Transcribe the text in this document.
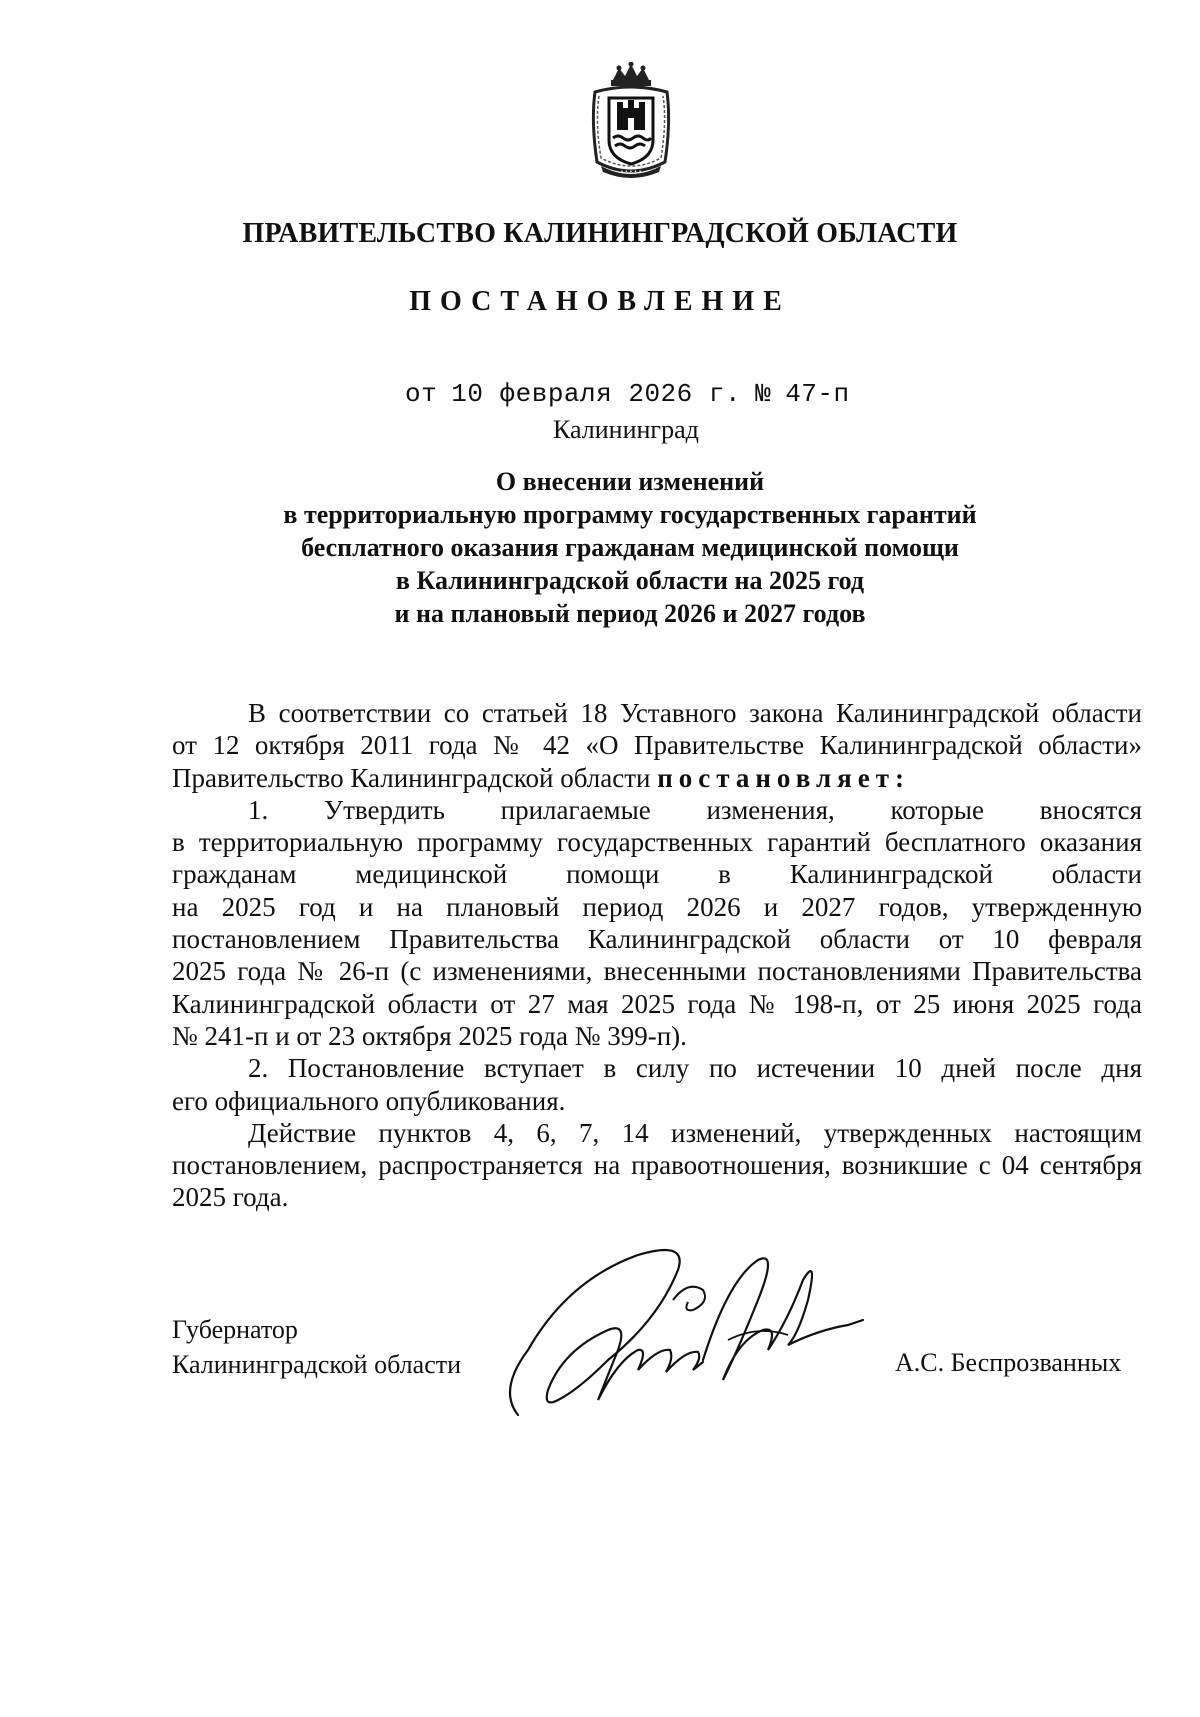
• • • • •
ПРАВИТЕЛЬСТВО КАЛИНИНГРАДСКОЙ ОБЛАСТИ
ПОСТАНОВЛЕНИЕ
от 10 февраля 2026 г. № 47-п
Калининград
О внесении изменений
в территориальную программу государственных гарантий
бесплатного оказания гражданам медицинской помощи
в Калининградской области на 2025 год
и на плановый период 2026 и 2027 годов
В соответствии со статьей 18 Уставного закона Калининградской области
от 12 октября 2011 года № 42 «О Правительстве Калининградской области»
Правительство Калининградской области постановляет:
1. Утвердить прилагаемые изменения, которые вносятся
в территориальную программу государственных гарантий бесплатного оказания
гражданам медицинской помощи в Калининградской области
на 2025 год и на плановый период 2026 и 2027 годов, утвержденную
постановлением Правительства Калининградской области от 10 февраля
2025 года № 26-п (с изменениями, внесенными постановлениями Правительства
Калининградской области от 27 мая 2025 года № 198-п, от 25 июня 2025 года
№ 241-п и от 23 октября 2025 года № 399-п).
2. Постановление вступает в силу по истечении 10 дней после дня
его официального опубликования.
Действие пунктов 4, 6, 7, 14 изменений, утвержденных настоящим
постановлением, распространяется на правоотношения, возникшие с 04 сентября
2025 года.
Губернатор
Калининградской области	А.С. Беспрозванных
